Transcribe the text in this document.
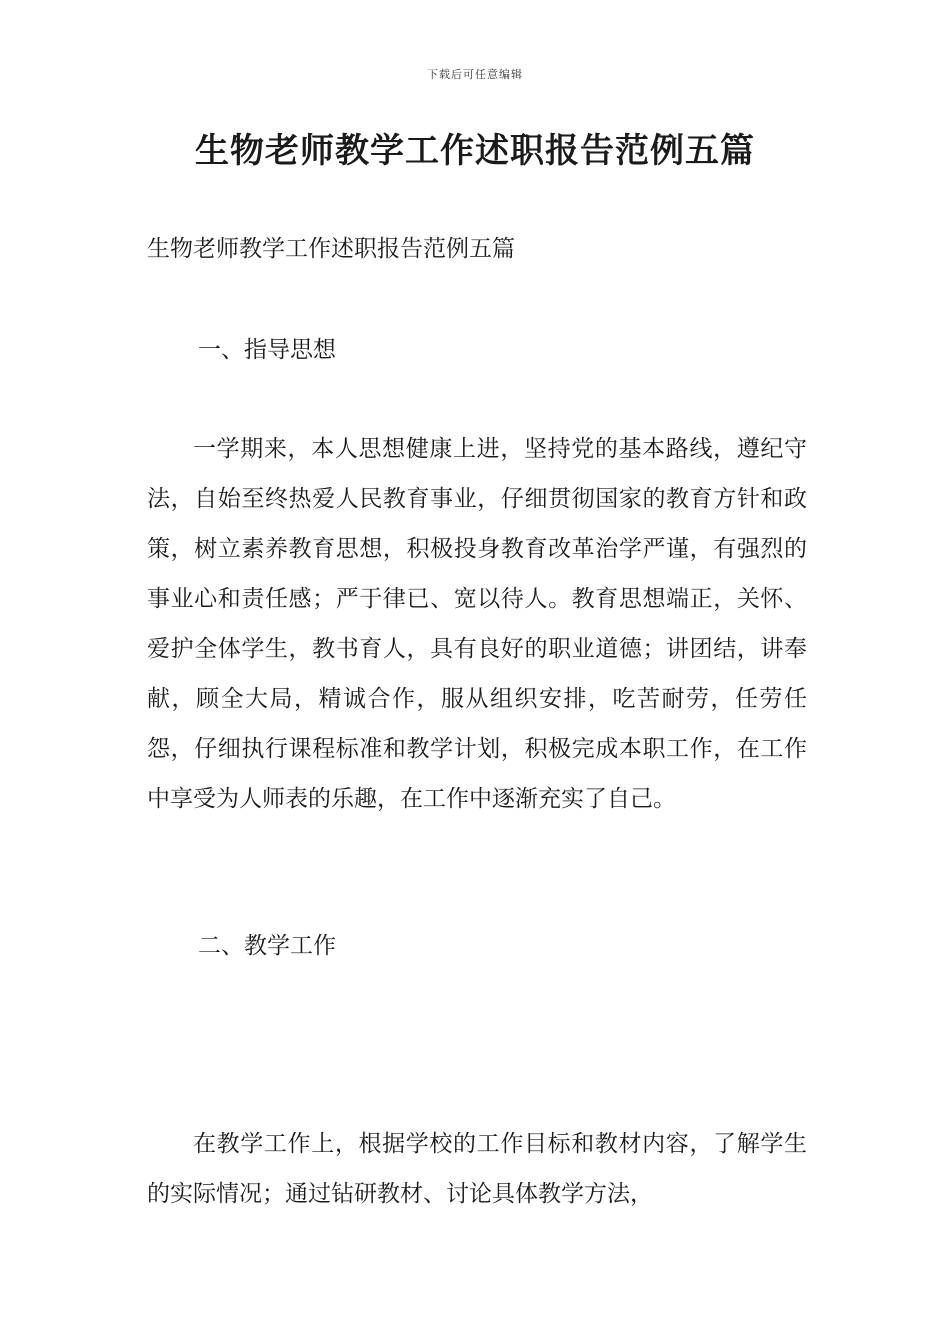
下载后可任意编辑
生物老师教学工作述职报告范例五篇

生物老师教学工作述职报告范例五篇

一、指导思想

一学期来，本人思想健康上进，坚持党的基本路线，遵纪守法，自始至终热爱人民教育事业，仔细贯彻国家的教育方针和政策，树立素养教育思想，积极投身教育改革治学严谨，有强烈的事业心和责任感；严于律已、宽以待人。教育思想端正，关怀、爱护全体学生，教书育人，具有良好的职业道德；讲团结，讲奉献，顾全大局，精诚合作，服从组织安排，吃苦耐劳，任劳任怨，仔细执行课程标准和教学计划，积极完成本职工作，在工作中享受为人师表的乐趣，在工作中逐渐充实了自己。

二、教学工作

在教学工作上，根据学校的工作目标和教材内容，了解学生的实际情况；通过钻研教材、讨论具体教学方法，
